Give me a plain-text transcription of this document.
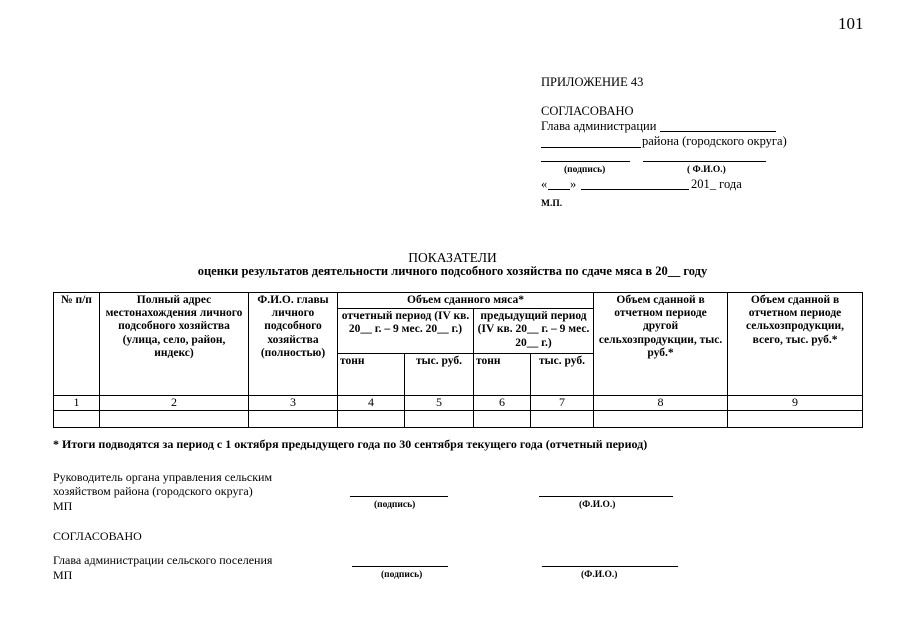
101
ПРИЛОЖЕНИЕ 43
СОГЛАСОВАНО
Глава администрации
района (городского округа)
(подпись)	( Ф.И.О.)
« »	201_ года
М.П.
ПОКАЗАТЕЛИ
оценки результатов деятельности личного подсобного хозяйства по сдаче мяса в 20__ году
№ п/п	Полный адрес местонахождения личного подсобного хозяйства (улица, село, район, индекс)	Ф.И.О. главы личного подсобного хозяйства (полностью)	Объем сданного мяса*				Объем сданной в отчетном периоде другой сельхозпродукции, тыс. руб.*	Объем сданной в отчетном периоде сельхозпродукции, всего, тыс. руб.*
			отчетный период (IV кв. 20__ г. – 9 мес. 20__ г.)		предыдущий период (IV кв. 20__ г. – 9 мес. 20__ г.)			
			тонн	тыс. руб.	тонн	тыс. руб.		
1	2	3	4	5	6	7	8	9

* Итоги подводятся за период с 1 октября предыдущего года по 30 сентября текущего года (отчетный период)
Руководитель органа управления сельским
хозяйством района (городского округа)
МП	(подпись)	(Ф.И.О.)
СОГЛАСОВАНО
Глава администрации сельского поселения
МП	(подпись)	(Ф.И.О.)
